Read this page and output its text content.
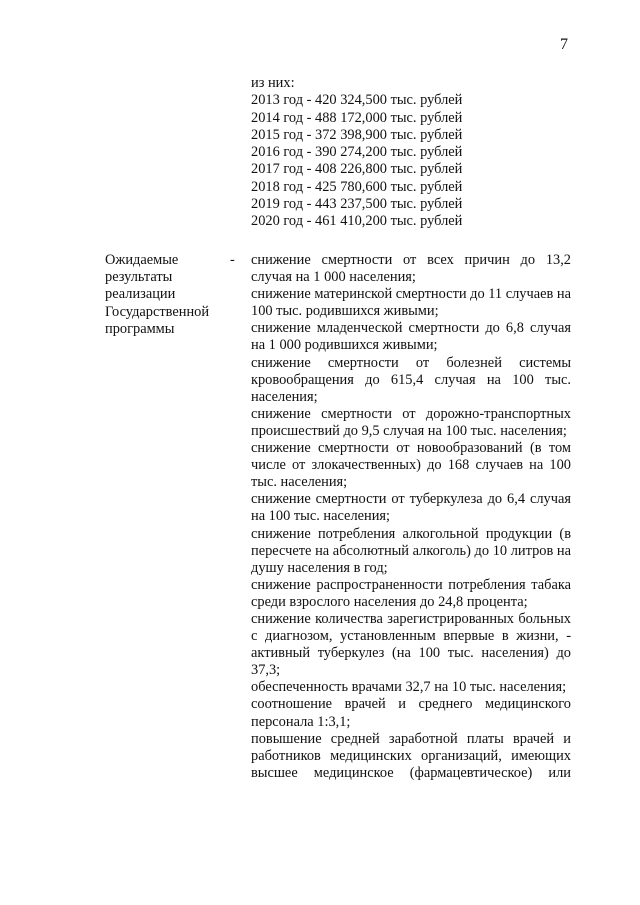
7
из них:
2013 год - 420 324,500 тыс. рублей
2014 год - 488 172,000 тыс. рублей
2015 год - 372 398,900 тыс. рублей
2016 год - 390 274,200 тыс. рублей
2017 год - 408 226,800 тыс. рублей
2018 год - 425 780,600 тыс. рублей
2019 год - 443 237,500 тыс. рублей
2020 год - 461 410,200 тыс. рублей
Ожидаемые
результаты
реализации
Государственной
программы
- снижение смертности от всех причин до 13,2 случая на 1 000 населения;
снижение материнской смертности до 11 случаев на 100 тыс. родившихся живыми;
снижение младенческой смертности до 6,8 случая на 1 000 родившихся живыми;
снижение смертности от болезней системы кровообращения до 615,4 случая на 100 тыс. населения;
снижение смертности от дорожно-транспортных происшествий до 9,5 случая на 100 тыс. населения;
снижение смертности от новообразований (в том числе от злокачественных) до 168 случаев на 100 тыс. населения;
снижение смертности от туберкулеза до 6,4 случая на 100 тыс. населения;
снижение потребления алкогольной продукции (в пересчете на абсолютный алкоголь) до 10 литров на душу населения в год;
снижение распространенности потребления табака среди взрослого населения до 24,8 процента;
снижение количества зарегистрированных больных с диагнозом, установленным впервые в жизни, - активный туберкулез (на 100 тыс. населения) до 37,3;
обеспеченность врачами 32,7 на 10 тыс. населения;
соотношение врачей и среднего медицинского персонала 1:3,1;
повышение средней заработной платы врачей и работников медицинских организаций, имеющих высшее медицинское (фармацевтическое) или
